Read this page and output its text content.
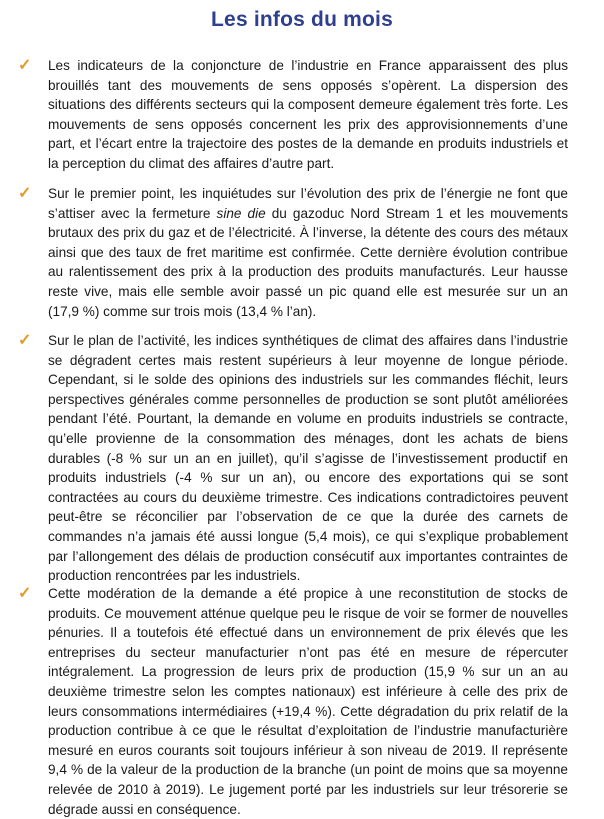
Les infos du mois
✓ Les indicateurs de la conjoncture de l’industrie en France apparaissent des plus brouillés tant des mouvements de sens opposés s’opèrent. La dispersion des situations des différents secteurs qui la composent demeure également très forte. Les mouvements de sens opposés concernent les prix des approvisionnements d’une part, et l’écart entre la trajectoire des postes de la demande en produits industriels et la perception du climat des affaires d’autre part.
✓ Sur le premier point, les inquiétudes sur l’évolution des prix de l’énergie ne font que s’attiser avec la fermeture sine die du gazoduc Nord Stream 1 et les mouvements brutaux des prix du gaz et de l’électricité. À l’inverse, la détente des cours des métaux ainsi que des taux de fret maritime est confirmée. Cette dernière évolution contribue au ralentissement des prix à la production des produits manufacturés. Leur hausse reste vive, mais elle semble avoir passé un pic quand elle est mesurée sur un an (17,9 %) comme sur trois mois (13,4 % l’an).
✓ Sur le plan de l’activité, les indices synthétiques de climat des affaires dans l’industrie se dégradent certes mais restent supérieurs à leur moyenne de longue période. Cependant, si le solde des opinions des industriels sur les commandes fléchit, leurs perspectives générales comme personnelles de production se sont plutôt améliorées pendant l’été. Pourtant, la demande en volume en produits industriels se contracte, qu’elle provienne de la consommation des ménages, dont les achats de biens durables (-8 % sur un an en juillet), qu’il s’agisse de l’investissement productif en produits industriels (-4 % sur un an), ou encore des exportations qui se sont contractées au cours du deuxième trimestre. Ces indications contradictoires peuvent peut-être se réconcilier par l’observation de ce que la durée des carnets de commandes n’a jamais été aussi longue (5,4 mois), ce qui s’explique probablement par l’allongement des délais de production consécutif aux importantes contraintes de production rencontrées par les industriels.
✓ Cette modération de la demande a été propice à une reconstitution de stocks de produits. Ce mouvement atténue quelque peu le risque de voir se former de nouvelles pénuries. Il a toutefois été effectué dans un environnement de prix élevés que les entreprises du secteur manufacturier n’ont pas été en mesure de répercuter intégralement. La progression de leurs prix de production (15,9 % sur un an au deuxième trimestre selon les comptes nationaux) est inférieure à celle des prix de leurs consommations intermédiaires (+19,4 %). Cette dégradation du prix relatif de la production contribue à ce que le résultat d’exploitation de l’industrie manufacturière mesuré en euros courants soit toujours inférieur à son niveau de 2019. Il représente 9,4 % de la valeur de la production de la branche (un point de moins que sa moyenne relevée de 2010 à 2019). Le jugement porté par les industriels sur leur trésorerie se dégrade aussi en conséquence.
